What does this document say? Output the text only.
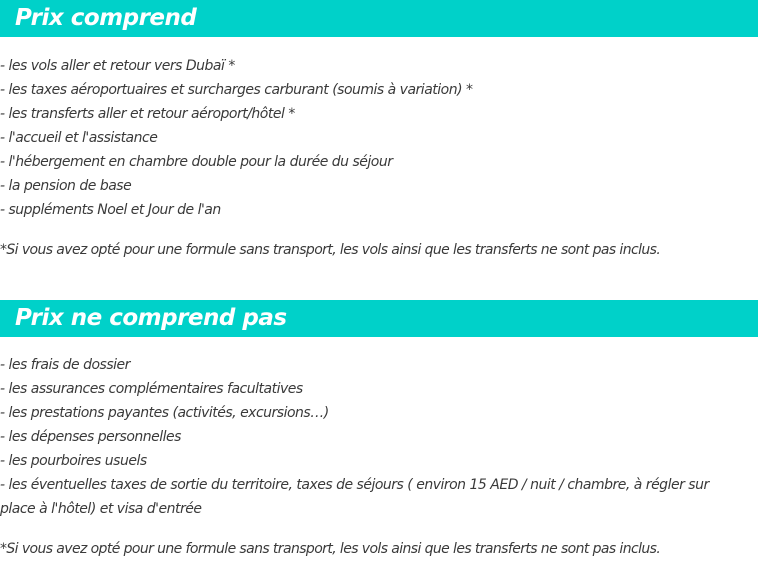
Prix comprend
- les vols aller et retour vers Dubaï *
- les taxes aéroportuaires et surcharges carburant (soumis à variation) *
- les transferts aller et retour aéroport/hôtel *
- l'accueil et l'assistance
- l'hébergement en chambre double pour la durée du séjour
- la pension de base
- suppléments Noel et Jour de l'an

*Si vous avez opté pour une formule sans transport, les vols ainsi que les transferts ne sont pas inclus.

Prix ne comprend pas
- les frais de dossier
- les assurances complémentaires facultatives
- les prestations payantes (activités, excursions…)
- les dépenses personnelles
- les pourboires usuels
- les éventuelles taxes de sortie du territoire, taxes de séjours ( environ 15 AED / nuit / chambre, à régler sur place à l'hôtel) et visa d'entrée

*Si vous avez opté pour une formule sans transport, les vols ainsi que les transferts ne sont pas inclus.
